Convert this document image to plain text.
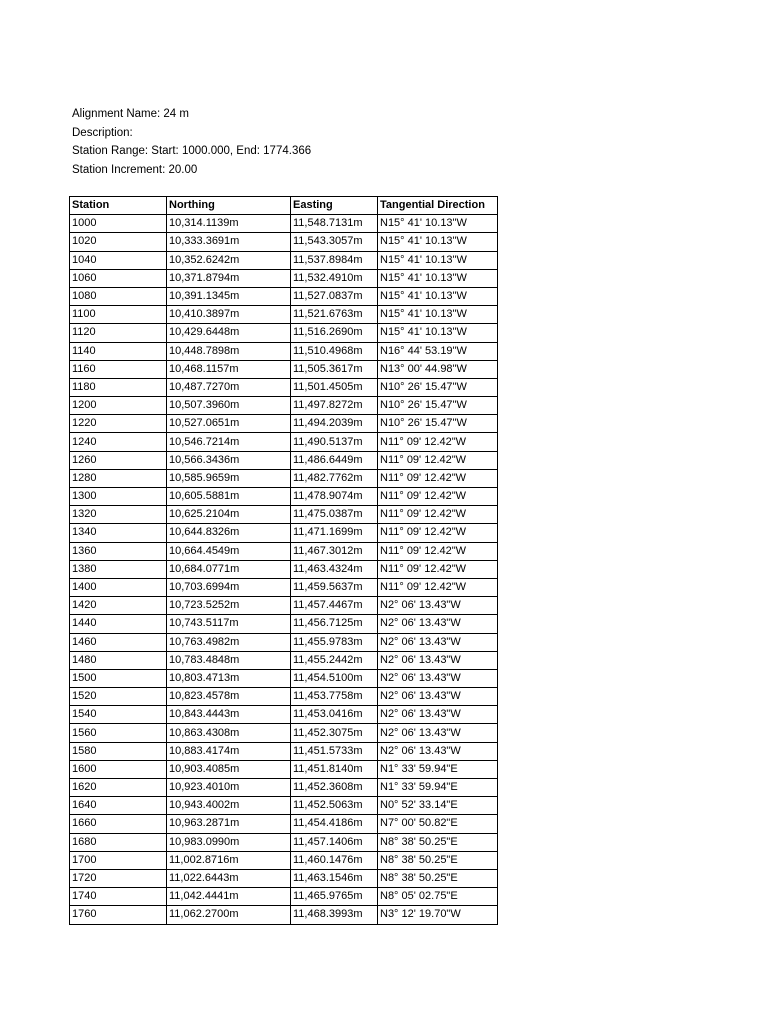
Alignment Name: 24 m
Description:
Station Range: Start: 1000.000, End: 1774.366
Station Increment: 20.00
Station	Northing	Easting	Tangential Direction
1000	10,314.1139m	11,548.7131m	N15° 41' 10.13"W
1020	10,333.3691m	11,543.3057m	N15° 41' 10.13"W
1040	10,352.6242m	11,537.8984m	N15° 41' 10.13"W
1060	10,371.8794m	11,532.4910m	N15° 41' 10.13"W
1080	10,391.1345m	11,527.0837m	N15° 41' 10.13"W
1100	10,410.3897m	11,521.6763m	N15° 41' 10.13"W
1120	10,429.6448m	11,516.2690m	N15° 41' 10.13"W
1140	10,448.7898m	11,510.4968m	N16° 44' 53.19"W
1160	10,468.1157m	11,505.3617m	N13° 00' 44.98"W
1180	10,487.7270m	11,501.4505m	N10° 26' 15.47"W
1200	10,507.3960m	11,497.8272m	N10° 26' 15.47"W
1220	10,527.0651m	11,494.2039m	N10° 26' 15.47"W
1240	10,546.7214m	11,490.5137m	N11° 09' 12.42"W
1260	10,566.3436m	11,486.6449m	N11° 09' 12.42"W
1280	10,585.9659m	11,482.7762m	N11° 09' 12.42"W
1300	10,605.5881m	11,478.9074m	N11° 09' 12.42"W
1320	10,625.2104m	11,475.0387m	N11° 09' 12.42"W
1340	10,644.8326m	11,471.1699m	N11° 09' 12.42"W
1360	10,664.4549m	11,467.3012m	N11° 09' 12.42"W
1380	10,684.0771m	11,463.4324m	N11° 09' 12.42"W
1400	10,703.6994m	11,459.5637m	N11° 09' 12.42"W
1420	10,723.5252m	11,457.4467m	N2° 06' 13.43"W
1440	10,743.5117m	11,456.7125m	N2° 06' 13.43"W
1460	10,763.4982m	11,455.9783m	N2° 06' 13.43"W
1480	10,783.4848m	11,455.2442m	N2° 06' 13.43"W
1500	10,803.4713m	11,454.5100m	N2° 06' 13.43"W
1520	10,823.4578m	11,453.7758m	N2° 06' 13.43"W
1540	10,843.4443m	11,453.0416m	N2° 06' 13.43"W
1560	10,863.4308m	11,452.3075m	N2° 06' 13.43"W
1580	10,883.4174m	11,451.5733m	N2° 06' 13.43"W
1600	10,903.4085m	11,451.8140m	N1° 33' 59.94"E
1620	10,923.4010m	11,452.3608m	N1° 33' 59.94"E
1640	10,943.4002m	11,452.5063m	N0° 52' 33.14"E
1660	10,963.2871m	11,454.4186m	N7° 00' 50.82"E
1680	10,983.0990m	11,457.1406m	N8° 38' 50.25"E
1700	11,002.8716m	11,460.1476m	N8° 38' 50.25"E
1720	11,022.6443m	11,463.1546m	N8° 38' 50.25"E
1740	11,042.4441m	11,465.9765m	N8° 05' 02.75"E
1760	11,062.2700m	11,468.3993m	N3° 12' 19.70"W
